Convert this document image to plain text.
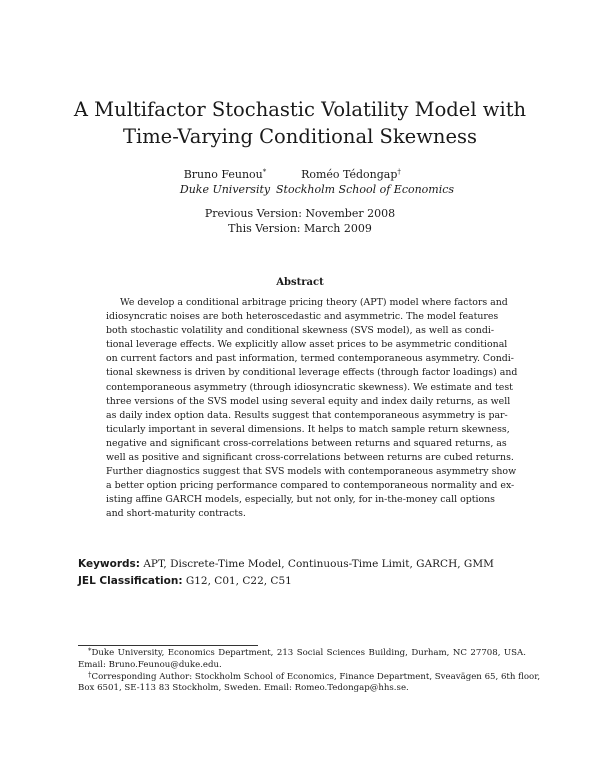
A Multifactor Stochastic Volatility Model with
Time-Varying Conditional Skewness
Bruno Feunou*
Duke University
Roméo Tédongap†
Stockholm School of Economics
Previous Version: November 2008
This Version: March 2009
Abstract
We develop a conditional arbitrage pricing theory (APT) model where factors and
idiosyncratic noises are both heteroscedastic and asymmetric. The model features
both stochastic volatility and conditional skewness (SVS model), as well as condi-
tional leverage effects. We explicitly allow asset prices to be asymmetric conditional
on current factors and past information, termed contemporaneous asymmetry. Condi-
tional skewness is driven by conditional leverage effects (through factor loadings) and
contemporaneous asymmetry (through idiosyncratic skewness). We estimate and test
three versions of the SVS model using several equity and index daily returns, as well
as daily index option data. Results suggest that contemporaneous asymmetry is par-
ticularly important in several dimensions. It helps to match sample return skewness,
negative and significant cross-correlations between returns and squared returns, as
well as positive and significant cross-correlations between returns are cubed returns.
Further diagnostics suggest that SVS models with contemporaneous asymmetry show
a better option pricing performance compared to contemporaneous normality and ex-
isting affine GARCH models, especially, but not only, for in-the-money call options
and short-maturity contracts.
Keywords: APT, Discrete-Time Model, Continuous-Time Limit, GARCH, GMM
JEL Classification: G12, C01, C22, C51
*Duke University, Economics Department, 213 Social Sciences Building, Durham, NC 27708, USA.
Email: Bruno.Feunou@duke.edu.
†Corresponding Author: Stockholm School of Economics, Finance Department, Sveavägen 65, 6th floor,
Box 6501, SE-113 83 Stockholm, Sweden. Email: Romeo.Tedongap@hhs.se.
